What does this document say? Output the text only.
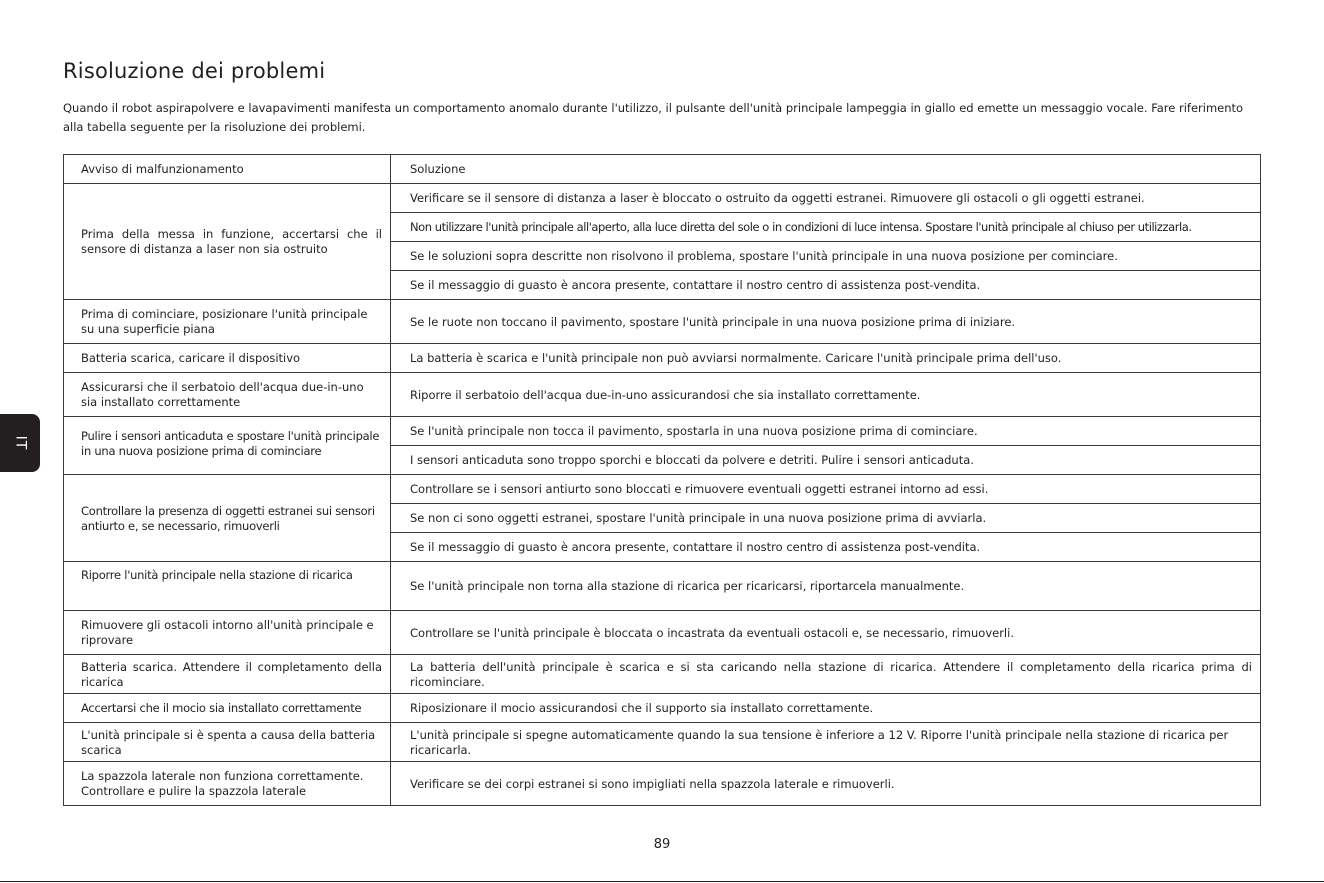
Risoluzione dei problemi

Quando il robot aspirapolvere e lavapavimenti manifesta un comportamento anomalo durante l'utilizzo, il pulsante dell'unità principale lampeggia in giallo ed emette un messaggio vocale. Fare riferimento alla tabella seguente per la risoluzione dei problemi.

Avviso di malfunzionamento	Soluzione
Prima della messa in funzione, accertarsi che il sensore di distanza a laser non sia ostruito	Verificare se il sensore di distanza a laser è bloccato o ostruito da oggetti estranei. Rimuovere gli ostacoli o gli oggetti estranei.
	Non utilizzare l'unità principale all'aperto, alla luce diretta del sole o in condizioni di luce intensa. Spostare l'unità principale al chiuso per utilizzarla.
	Se le soluzioni sopra descritte non risolvono il problema, spostare l'unità principale in una nuova posizione per cominciare.
	Se il messaggio di guasto è ancora presente, contattare il nostro centro di assistenza post-vendita.
Prima di cominciare, posizionare l'unità principale su una superficie piana	Se le ruote non toccano il pavimento, spostare l'unità principale in una nuova posizione prima di iniziare.
Batteria scarica, caricare il dispositivo	La batteria è scarica e l'unità principale non può avviarsi normalmente. Caricare l'unità principale prima dell'uso.
Assicurarsi che il serbatoio dell'acqua due-in-uno sia installato correttamente	Riporre il serbatoio dell'acqua due-in-uno assicurandosi che sia installato correttamente.
Pulire i sensori anticaduta e spostare l'unità principale in una nuova posizione prima di cominciare	Se l'unità principale non tocca il pavimento, spostarla in una nuova posizione prima di cominciare.
	I sensori anticaduta sono troppo sporchi e bloccati da polvere e detriti. Pulire i sensori anticaduta.
Controllare la presenza di oggetti estranei sui sensori antiurto e, se necessario, rimuoverli	Controllare se i sensori antiurto sono bloccati e rimuovere eventuali oggetti estranei intorno ad essi.
	Se non ci sono oggetti estranei, spostare l'unità principale in una nuova posizione prima di avviarla.
	Se il messaggio di guasto è ancora presente, contattare il nostro centro di assistenza post-vendita.
Riporre l'unità principale nella stazione di ricarica	Se l'unità principale non torna alla stazione di ricarica per ricaricarsi, riportarcela manualmente.
Rimuovere gli ostacoli intorno all'unità principale e riprovare	Controllare se l'unità principale è bloccata o incastrata da eventuali ostacoli e, se necessario, rimuoverli.
Batteria scarica. Attendere il completamento della ricarica	La batteria dell'unità principale è scarica e si sta caricando nella stazione di ricarica. Attendere il completamento della ricarica prima di ricominciare.
Accertarsi che il mocio sia installato correttamente	Riposizionare il mocio assicurandosi che il supporto sia installato correttamente.
L'unità principale si è spenta a causa della batteria scarica	L'unità principale si spegne automaticamente quando la sua tensione è inferiore a 12 V. Riporre l'unità principale nella stazione di ricarica per ricaricarla.
La spazzola laterale non funziona correttamente. Controllare e pulire la spazzola laterale	Verificare se dei corpi estranei si sono impigliati nella spazzola laterale e rimuoverli.
IT
89
